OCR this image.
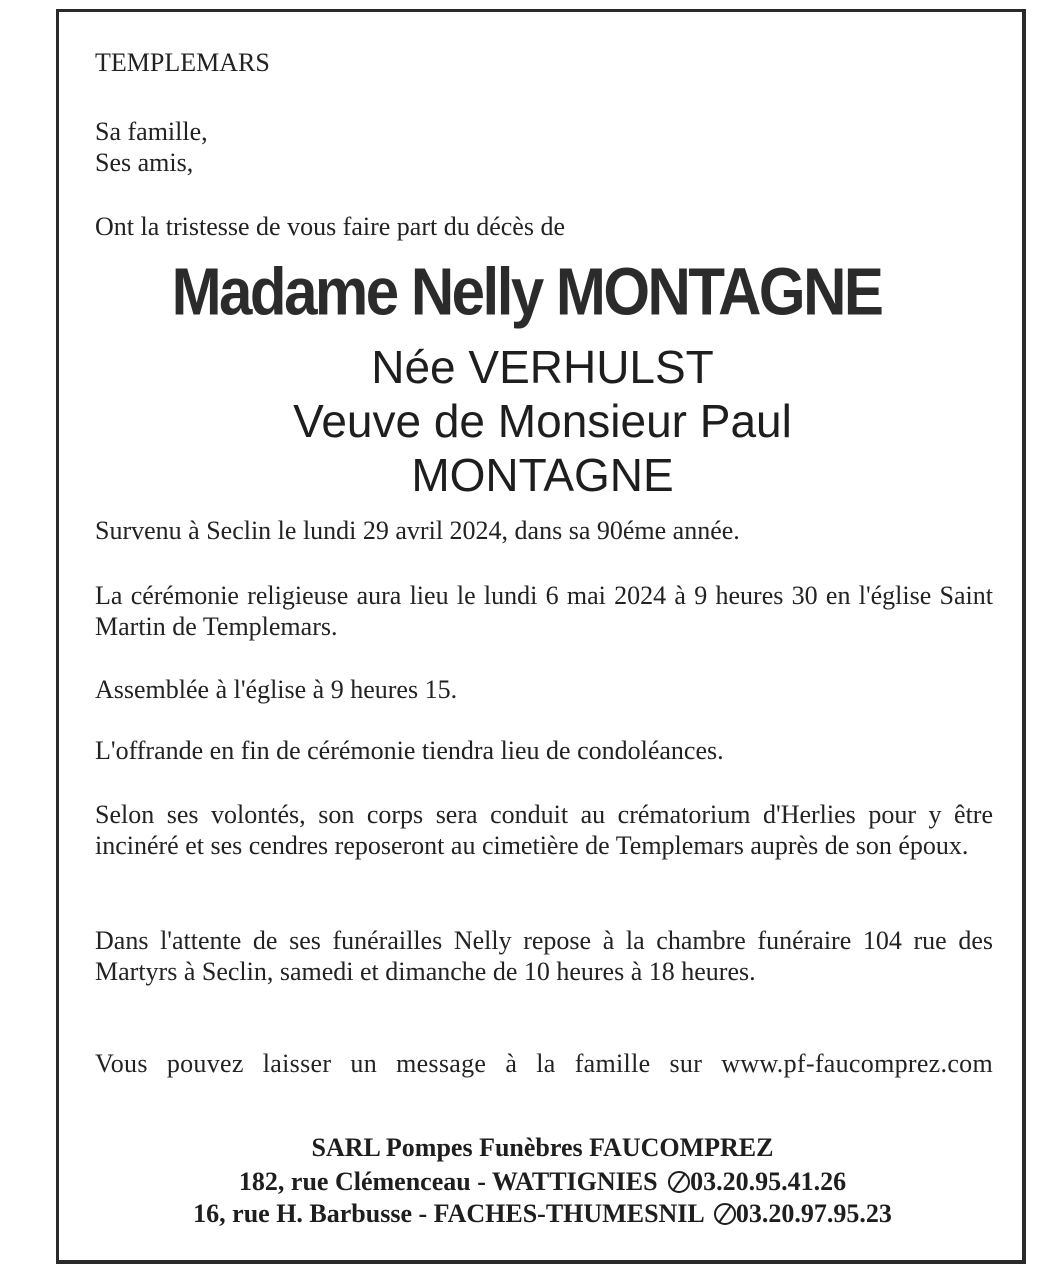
TEMPLEMARS

Sa famille,

Ses amis,

Ont la tristesse de vous faire part du décès de

Madame Nelly MONTAGNE

Née VERHULST

Veuve de Monsieur Paul

MONTAGNE

Survenu à Seclin le lundi 29 avril 2024, dans sa 90éme année.

La cérémonie religieuse aura lieu le lundi 6 mai 2024 à 9 heures 30 en l'église Saint Martin de Templemars.

Assemblée à l'église à 9 heures 15.

L'offrande en fin de cérémonie tiendra lieu de condoléances.

Selon ses volontés, son corps sera conduit au crématorium d'Herlies pour y être incinéré et ses cendres reposeront au cimetière de Templemars auprès de son époux.

Dans l'attente de ses funérailles Nelly repose à la chambre funéraire 104 rue des Martyrs à Seclin, samedi et dimanche de 10 heures à 18 heures.

Vous pouvez laisser un message à la famille sur www.pf-faucomprez.com

SARL Pompes Funèbres FAUCOMPREZ

182, rue Clémenceau - WATTIGNIES 03.20.95.41.26

16, rue H. Barbusse - FACHES-THUMESNIL 03.20.97.95.23
